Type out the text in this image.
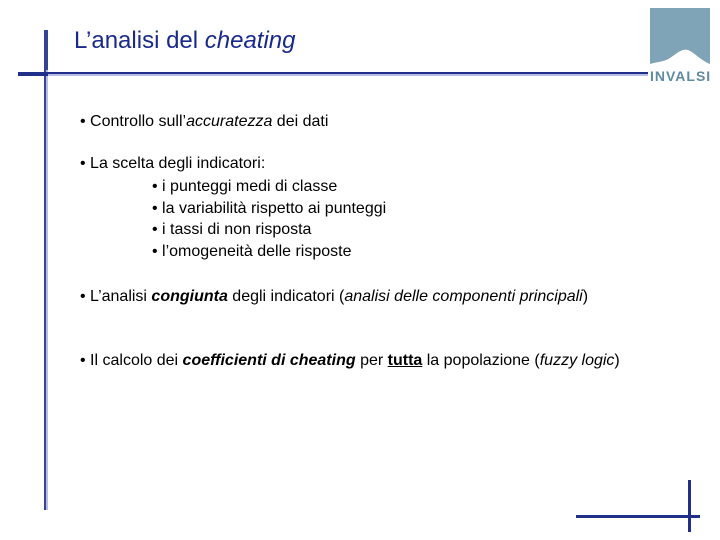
L’analisi del cheating
INVALSI
• Controllo sull’accuratezza dei dati
• La scelta degli indicatori:
• i punteggi medi di classe
• la variabilità rispetto ai punteggi
• i tassi di non risposta
• l’omogeneità delle risposte
• L’analisi congiunta degli indicatori (analisi delle componenti principali)
• Il calcolo dei coefficienti di cheating per tutta la popolazione (fuzzy logic)
